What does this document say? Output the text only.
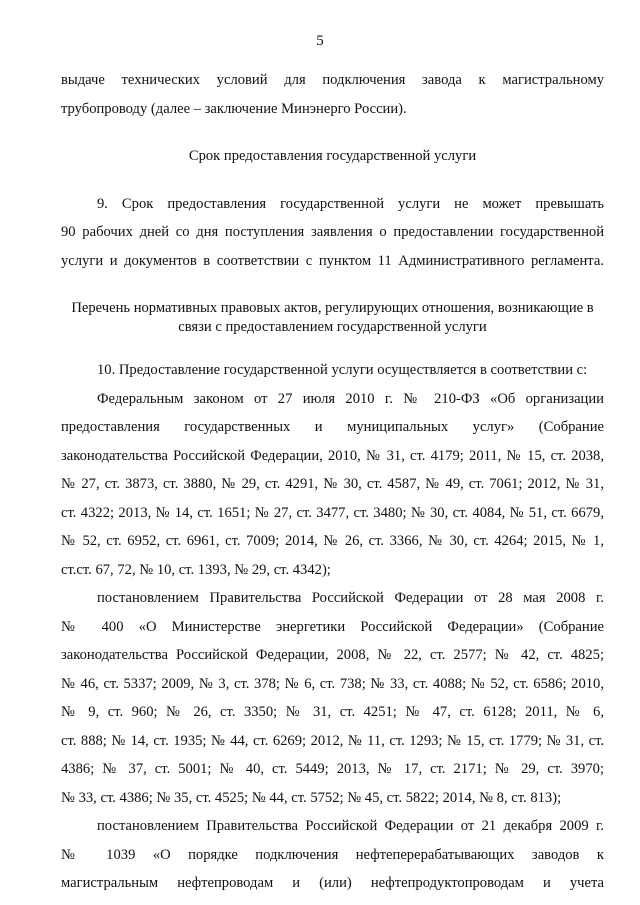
5
выдаче технических условий для подключения завода к магистральному
трубопроводу (далее – заключение Минэнерго России).
Срок предоставления государственной услуги
9. Срок предоставления государственной услуги не может превышать
90 рабочих дней со дня поступления заявления о предоставлении государственной
услуги и документов в соответствии с пунктом 11 Административного регламента.
Перечень нормативных правовых актов, регулирующих отношения, возникающие в
связи с предоставлением государственной услуги
10. Предоставление государственной услуги осуществляется в соответствии с:
Федеральным законом от 27 июля 2010 г. № 210-ФЗ «Об организации
предоставления государственных и муниципальных услуг» (Собрание
законодательства Российской Федерации, 2010, № 31, ст. 4179; 2011, № 15, ст. 2038,
№ 27, ст. 3873, ст. 3880, № 29, ст. 4291, № 30, ст. 4587, № 49, ст. 7061; 2012, № 31,
ст. 4322; 2013, № 14, ст. 1651; № 27, ст. 3477, ст. 3480; № 30, ст. 4084, № 51, ст. 6679,
№ 52, ст. 6952, ст. 6961, ст. 7009; 2014, № 26, ст. 3366, № 30, ст. 4264; 2015, № 1,
ст.ст. 67, 72, № 10, ст. 1393, № 29, ст. 4342);
постановлением Правительства Российской Федерации от 28 мая 2008 г.
№ 400 «О Министерстве энергетики Российской Федерации» (Собрание
законодательства Российской Федерации, 2008, № 22, ст. 2577; № 42, ст. 4825;
№ 46, ст. 5337; 2009, № 3, ст. 378; № 6, ст. 738; № 33, ст. 4088; № 52, ст. 6586; 2010,
№ 9, ст. 960; № 26, ст. 3350; № 31, ст. 4251; № 47, ст. 6128; 2011, № 6,
ст. 888; № 14, ст. 1935; № 44, ст. 6269; 2012, № 11, ст. 1293; № 15, ст. 1779; № 31, ст.
4386; № 37, ст. 5001; № 40, ст. 5449; 2013, № 17, ст. 2171; № 29, ст. 3970;
№ 33, ст. 4386; № 35, ст. 4525; № 44, ст. 5752; № 45, ст. 5822; 2014, № 8, ст. 813);
постановлением Правительства Российской Федерации от 21 декабря 2009 г.
№ 1039 «О порядке подключения нефтеперерабатывающих заводов к
магистральным нефтепроводам и (или) нефтепродуктопроводам и учета
